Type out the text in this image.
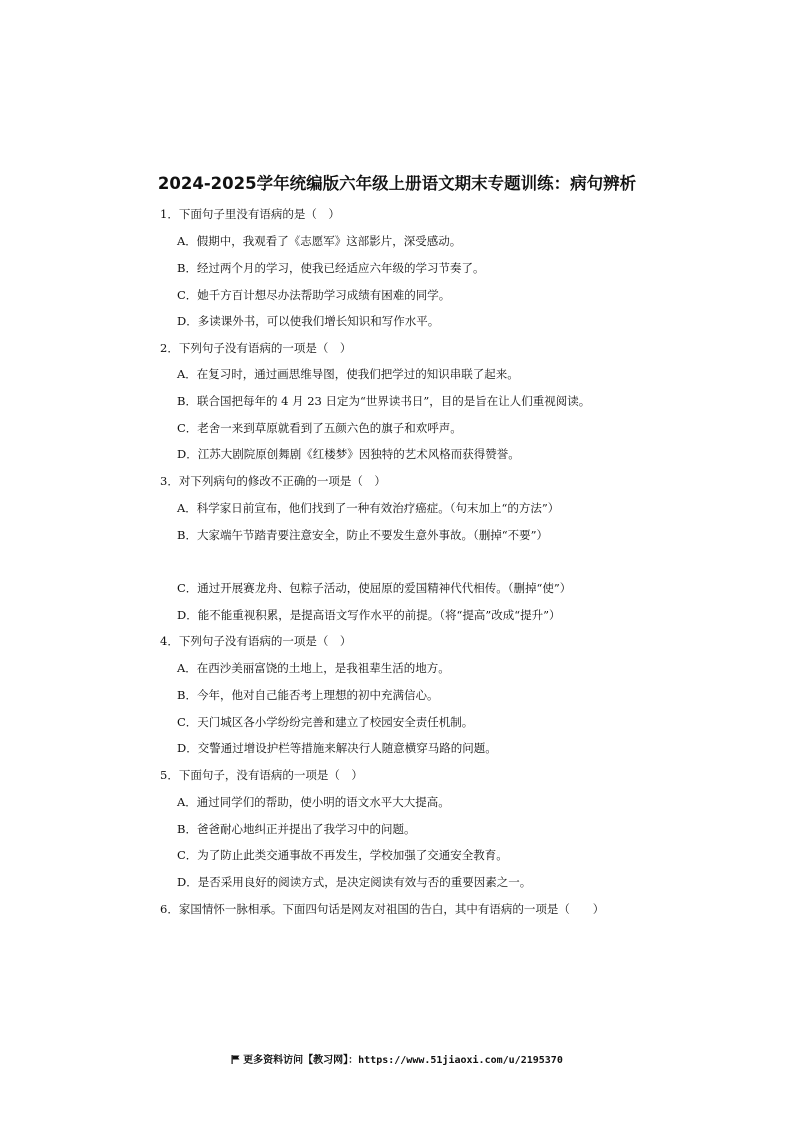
2024-2025学年统编版六年级上册语文期末专题训练：病句辨析
1．下面句子里没有语病的是（　）
A．假期中，我观看了《志愿军》这部影片，深受感动。
B．经过两个月的学习，使我已经适应六年级的学习节奏了。
C．她千方百计想尽办法帮助学习成绩有困难的同学。
D．多读课外书，可以使我们增长知识和写作水平。
2．下列句子没有语病的一项是（　）
A．在复习时，通过画思维导图，使我们把学过的知识串联了起来。
B．联合国把每年的 4 月 23 日定为“世界读书日”，目的是旨在让人们重视阅读。
C．老舍一来到草原就看到了五颜六色的旗子和欢呼声。
D．江苏大剧院原创舞剧《红楼梦》因独特的艺术风格而获得赞誉。
3．对下列病句的修改不正确的一项是（　）
A．科学家日前宣布，他们找到了一种有效治疗癌症。（句末加上“的方法”）
B．大家端午节踏青要注意安全，防止不要发生意外事故。（删掉“不要”）
C．通过开展赛龙舟、包粽子活动，使屈原的爱国精神代代相传。（删掉“使”）
D．能不能重视积累，是提高语文写作水平的前提。（将“提高”改成“提升”）
4．下列句子没有语病的一项是（　）
A．在西沙美丽富饶的土地上，是我祖辈生活的地方。
B．今年，他对自己能否考上理想的初中充满信心。
C．天门城区各小学纷纷完善和建立了校园安全责任机制。
D．交警通过增设护栏等措施来解决行人随意横穿马路的问题。
5．下面句子，没有语病的一项是（　）
A．通过同学们的帮助，使小明的语文水平大大提高。
B．爸爸耐心地纠正并提出了我学习中的问题。
C．为了防止此类交通事故不再发生，学校加强了交通安全教育。
D．是否采用良好的阅读方式，是决定阅读有效与否的重要因素之一。
6．家国情怀一脉相承。下面四句话是网友对祖国的告白，其中有语病的一项是（　　）
更多资料访问【教习网】：https://www.51jiaoxi.com/u/2195370
